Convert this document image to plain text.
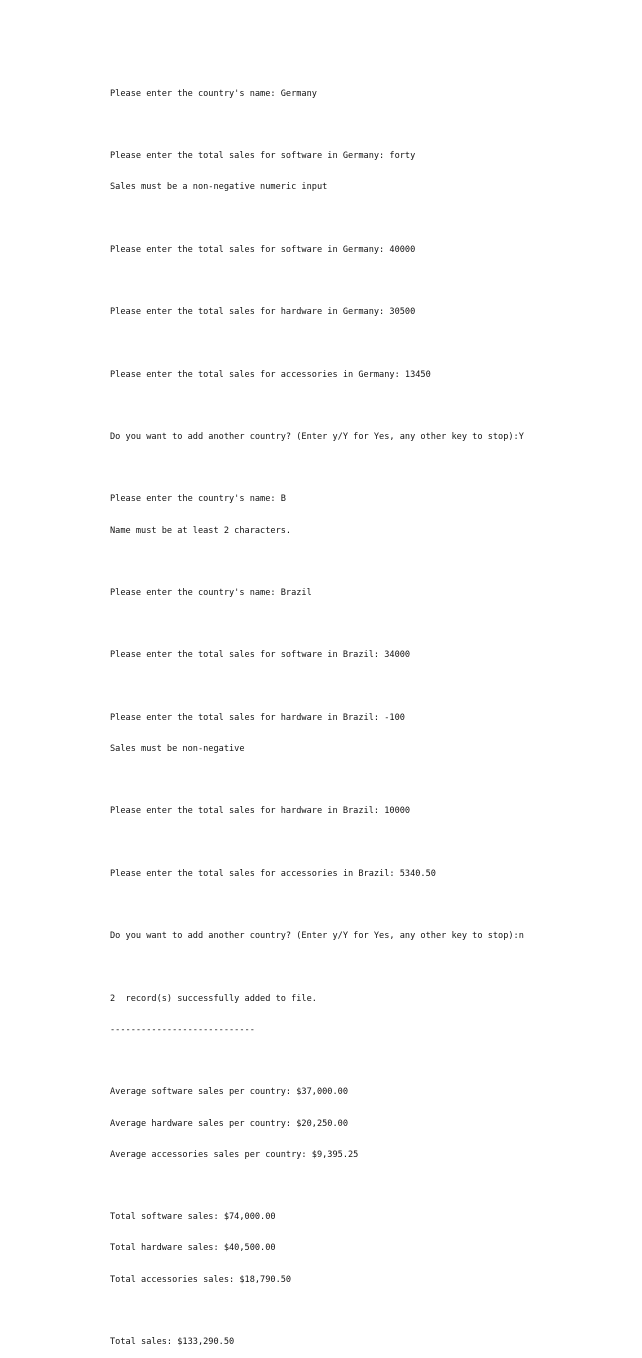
Please enter the country's name: Germany

Please enter the total sales for software in Germany: forty

Sales must be a non-negative numeric input

Please enter the total sales for software in Germany: 40000

Please enter the total sales for hardware in Germany: 30500

Please enter the total sales for accessories in Germany: 13450

Do you want to add another country? (Enter y/Y for Yes, any other key to stop):Y

Please enter the country's name: B

Name must be at least 2 characters.

Please enter the country's name: Brazil

Please enter the total sales for software in Brazil: 34000

Please enter the total sales for hardware in Brazil: -100

Sales must be non-negative

Please enter the total sales for hardware in Brazil: 10000

Please enter the total sales for accessories in Brazil: 5340.50

Do you want to add another country? (Enter y/Y for Yes, any other key to stop):n

2  record(s) successfully added to file.

----------------------------

Average software sales per country: $37,000.00

Average hardware sales per country: $20,250.00

Average accessories sales per country: $9,395.25

Total software sales: $74,000.00

Total hardware sales: $40,500.00

Total accessories sales: $18,790.50

Total sales: $133,290.50
